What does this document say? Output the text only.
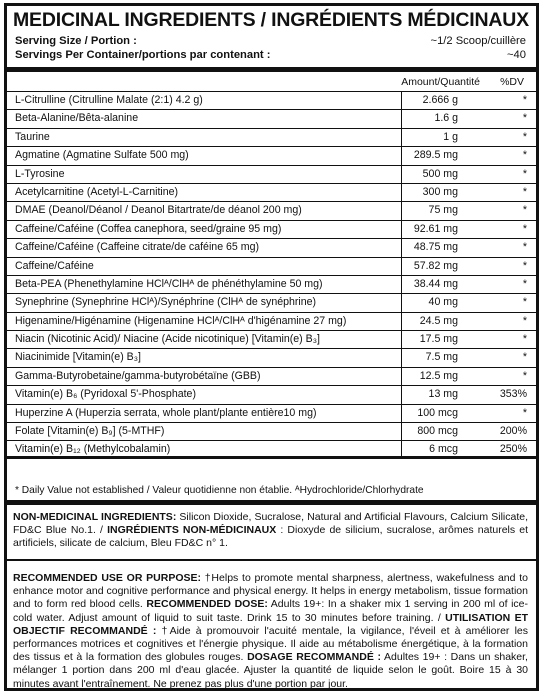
MEDICINAL INGREDIENTS / INGRÉDIENTS MÉDICINAUX
Serving Size / Portion :	~1/2 Scoop/cuillère
Servings Per Container/portions par contenant :	~40
Amount/Quantité %DV
L-Citrulline (Citrulline Malate (2:1) 4.2 g)	2.666 g	*
Beta-Alanine/Bêta-alanine	1.6 g	*
Taurine	1 g	*
Agmatine (Agmatine Sulfate 500 mg)	289.5 mg	*
L-Tyrosine	500 mg	*
Acetylcarnitine (Acetyl-L-Carnitine)	300 mg	*
DMAE (Deanol/Déanol / Deanol Bitartrate/de déanol 200 mg)	75 mg	*
Caffeine/Caféine (Coffea canephora, seed/graine 95 mg)	92.61 mg	*
Caffeine/Caféine (Caffeine citrate/de caféine 65 mg)	48.75 mg	*
Caffeine/Caféine	57.82 mg	*
Beta-PEA (Phenethylamine HClᴬ/ClHᴬ de phénéthylamine 50 mg)	38.44 mg	*
Synephrine (Synephrine HClᴬ)/Synéphrine (ClHᴬ de synéphrine)	40 mg	*
Higenamine/Higénamine (Higenamine HClᴬ/ClHᴬ d'higénamine 27 mg)	24.5 mg	*
Niacin (Nicotinic Acid)/ Niacine (Acide nicotinique) [Vitamin(e) B₃]	17.5 mg	*
Niacinimide [Vitamin(e) B₃]	7.5 mg	*
Gamma-Butyrobetaine/gamma-butyrobétaïne (GBB)	12.5 mg	*
Vitamin(e) B₆ (Pyridoxal 5'-Phosphate)	13 mg	353%
Huperzine A (Huperzia serrata, whole plant/plante entière10 mg)	100 mcg	*
Folate [Vitamin(e) B₉] (5-MTHF)	800 mcg	200%
Vitamin(e) B₁₂ (Methylcobalamin)	6 mcg	250%
* Daily Value not established / Valeur quotidienne non établie. ᴬHydrochloride/Chlorhydrate

NON-MEDICINAL INGREDIENTS: Silicon Dioxide, Sucralose, Natural and Artificial Flavours, Calcium Silicate, FD&C Blue No.1. / INGRÉDIENTS NON-MÉDICINAUX : Dioxyde de silicium, sucralose, arômes naturels et artificiels, silicate de calcium, Bleu FD&C n° 1.

RECOMMENDED USE OR PURPOSE: †Helps to promote mental sharpness, alertness, wakefulness and to enhance motor and cognitive performance and physical energy. It helps in energy metabolism, tissue formation and to form red blood cells. RECOMMENDED DOSE: Adults 19+: In a shaker mix 1 serving in 200 ml of ice-cold water. Adjust amount of liquid to suit taste. Drink 15 to 30 minutes before training. / UTILISATION ET OBJECTIF RECOMMANDÉ : †Aide à promouvoir l'acuité mentale, la vigilance, l'éveil et à améliorer les performances motrices et cognitives et l'énergie physique. Il aide au métabolisme énergétique, à la formation des tissus et à la formation des globules rouges. DOSAGE RECOMMANDÉ : Adultes 19+ : Dans un shaker, mélanger 1 portion dans 200 ml d'eau glacée. Ajuster la quantité de liquide selon le goût. Boire 15 à 30 minutes avant l'entraînement. Ne prenez pas plus d'une portion par jour.
